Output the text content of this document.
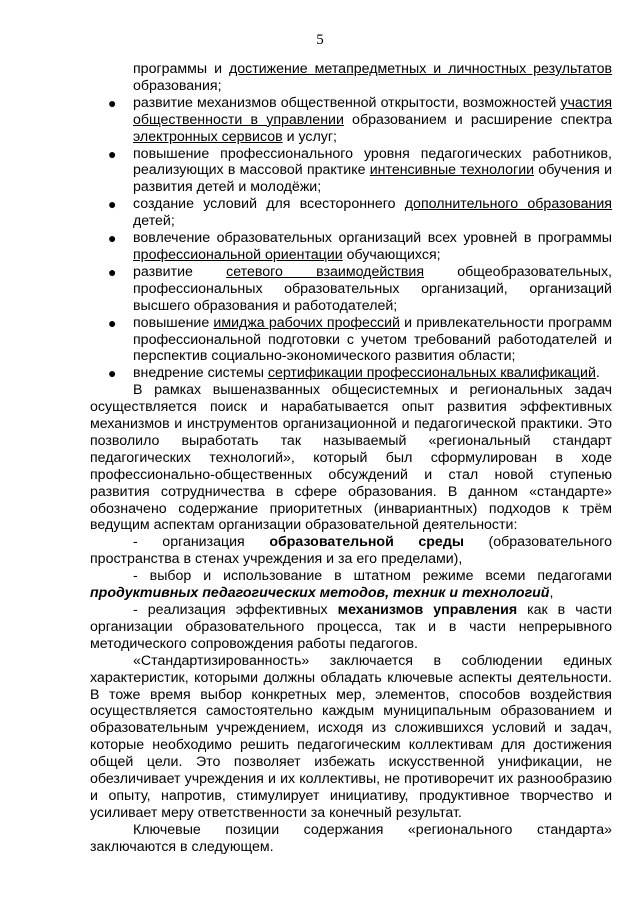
5

программы и достижение метапредметных и личностных результатов образования;

● развитие механизмов общественной открытости, возможностей участия общественности в управлении образованием и расширение спектра электронных сервисов и услуг;
● повышение профессионального уровня педагогических работников, реализующих в массовой практике интенсивные технологии обучения и развития детей и молодёжи;
● создание условий для всестороннего дополнительного образования детей;
● вовлечение образовательных организаций всех уровней в программы профессиональной ориентации обучающихся;
● развитие сетевого взаимодействия общеобразовательных, профессиональных образовательных организаций, организаций высшего образования и работодателей;
● повышение имиджа рабочих профессий и привлекательности программ профессиональной подготовки с учетом требований работодателей и перспектив социально-экономического развития области;
● внедрение системы сертификации профессиональных квалификаций.

В рамках вышеназванных общесистемных и региональных задач осуществляется поиск и нарабатывается опыт развития эффективных механизмов и инструментов организационной и педагогической практики. Это позволило выработать так называемый «региональный стандарт педагогических технологий», который был сформулирован в ходе профессионально-общественных обсуждений и стал новой ступенью развития сотрудничества в сфере образования. В данном «стандарте» обозначено содержание приоритетных (инвариантных) подходов к трём ведущим аспектам организации образовательной деятельности:

- организация образовательной среды (образовательного пространства в стенах учреждения и за его пределами),

- выбор и использование в штатном режиме всеми педагогами продуктивных педагогических методов, техник и технологий,

- реализация эффективных механизмов управления как в части организации образовательного процесса, так и в части непрерывного методического сопровождения работы педагогов.

«Стандартизированность» заключается в соблюдении единых характеристик, которыми должны обладать ключевые аспекты деятельности. В тоже время выбор конкретных мер, элементов, способов воздействия осуществляется самостоятельно каждым муниципальным образованием и образовательным учреждением, исходя из сложившихся условий и задач, которые необходимо решить педагогическим коллективам для достижения общей цели. Это позволяет избежать искусственной унификации, не обезличивает учреждения и их коллективы, не противоречит их разнообразию и опыту, напротив, стимулирует инициативу, продуктивное творчество и усиливает меру ответственности за конечный результат.

Ключевые позиции содержания «регионального стандарта» заключаются в следующем.
